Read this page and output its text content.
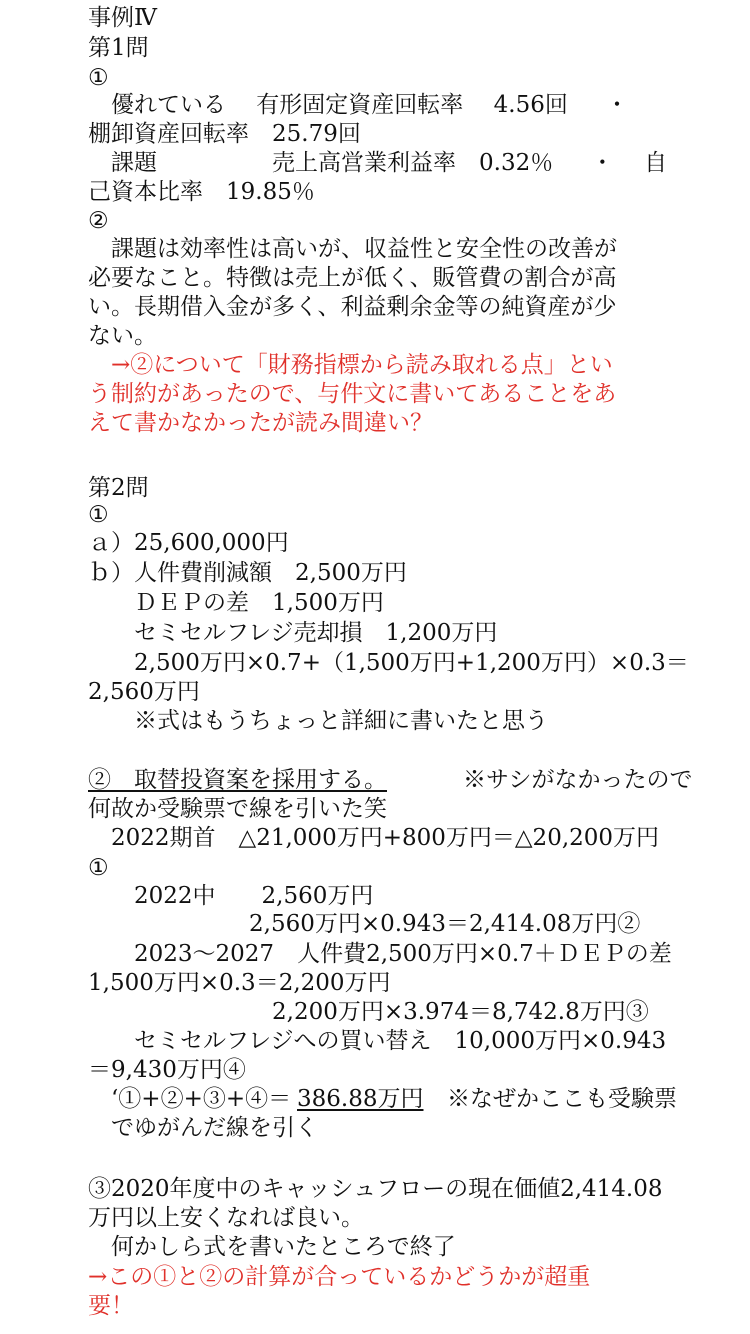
事例Ⅳ
第1問
①
　優れている　 有形固定資産回転率　 4.56回　  ・
棚卸資産回転率　25.79回
　課題　　　　　売上高営業利益率　0.32％　  ・　 自
己資本比率　19.85％
②
　課題は効率性は高いが、収益性と安全性の改善が
必要なこと。特徴は売上が低く、販管費の割合が高
い。長期借入金が多く、利益剰余金等の純資産が少
ない。
　→②について「財務指標から読み取れる点」とい
う制約があったので、与件文に書いてあることをあ
えて書かなかったが読み間違い？
第2問
①
ａ）25,600,000円
ｂ）人件費削減額　2,500万円
　　ＤＥＰの差　1,500万円
　　セミセルフレジ売却損　1,200万円
　　2,500万円×0.7+（1,500万円+1,200万円）×0.3＝
2,560万円
　　※式はもうちょっと詳細に書いたと思う
②　取替投資案を採用する。 　※サシがなかったので
何故か受験票で線を引いた笑
　2022期首　△21,000万円+800万円＝△20,200万円
①
　　2022中　　2,560万円
　　　　　　　2,560万円×0.943＝2,414.08万円②
　　2023〜2027　人件費2,500万円×0.7＋ＤＥＰの差
1,500万円×0.3＝2,200万円
　　　　　　　　2,200万円×3.974＝8,742.8万円③
　　セミセルフレジへの買い替え　10,000万円×0.943
＝9,430万円④
　‘①+②+③+④＝ 386.88万円 　※なぜかここも受験票
　でゆがんだ線を引く
③2020年度中のキャッシュフローの現在価値2,414.08
万円以上安くなれば良い。
　何かしら式を書いたところで終了
→この①と②の計算が合っているかどうかが超重
要！
